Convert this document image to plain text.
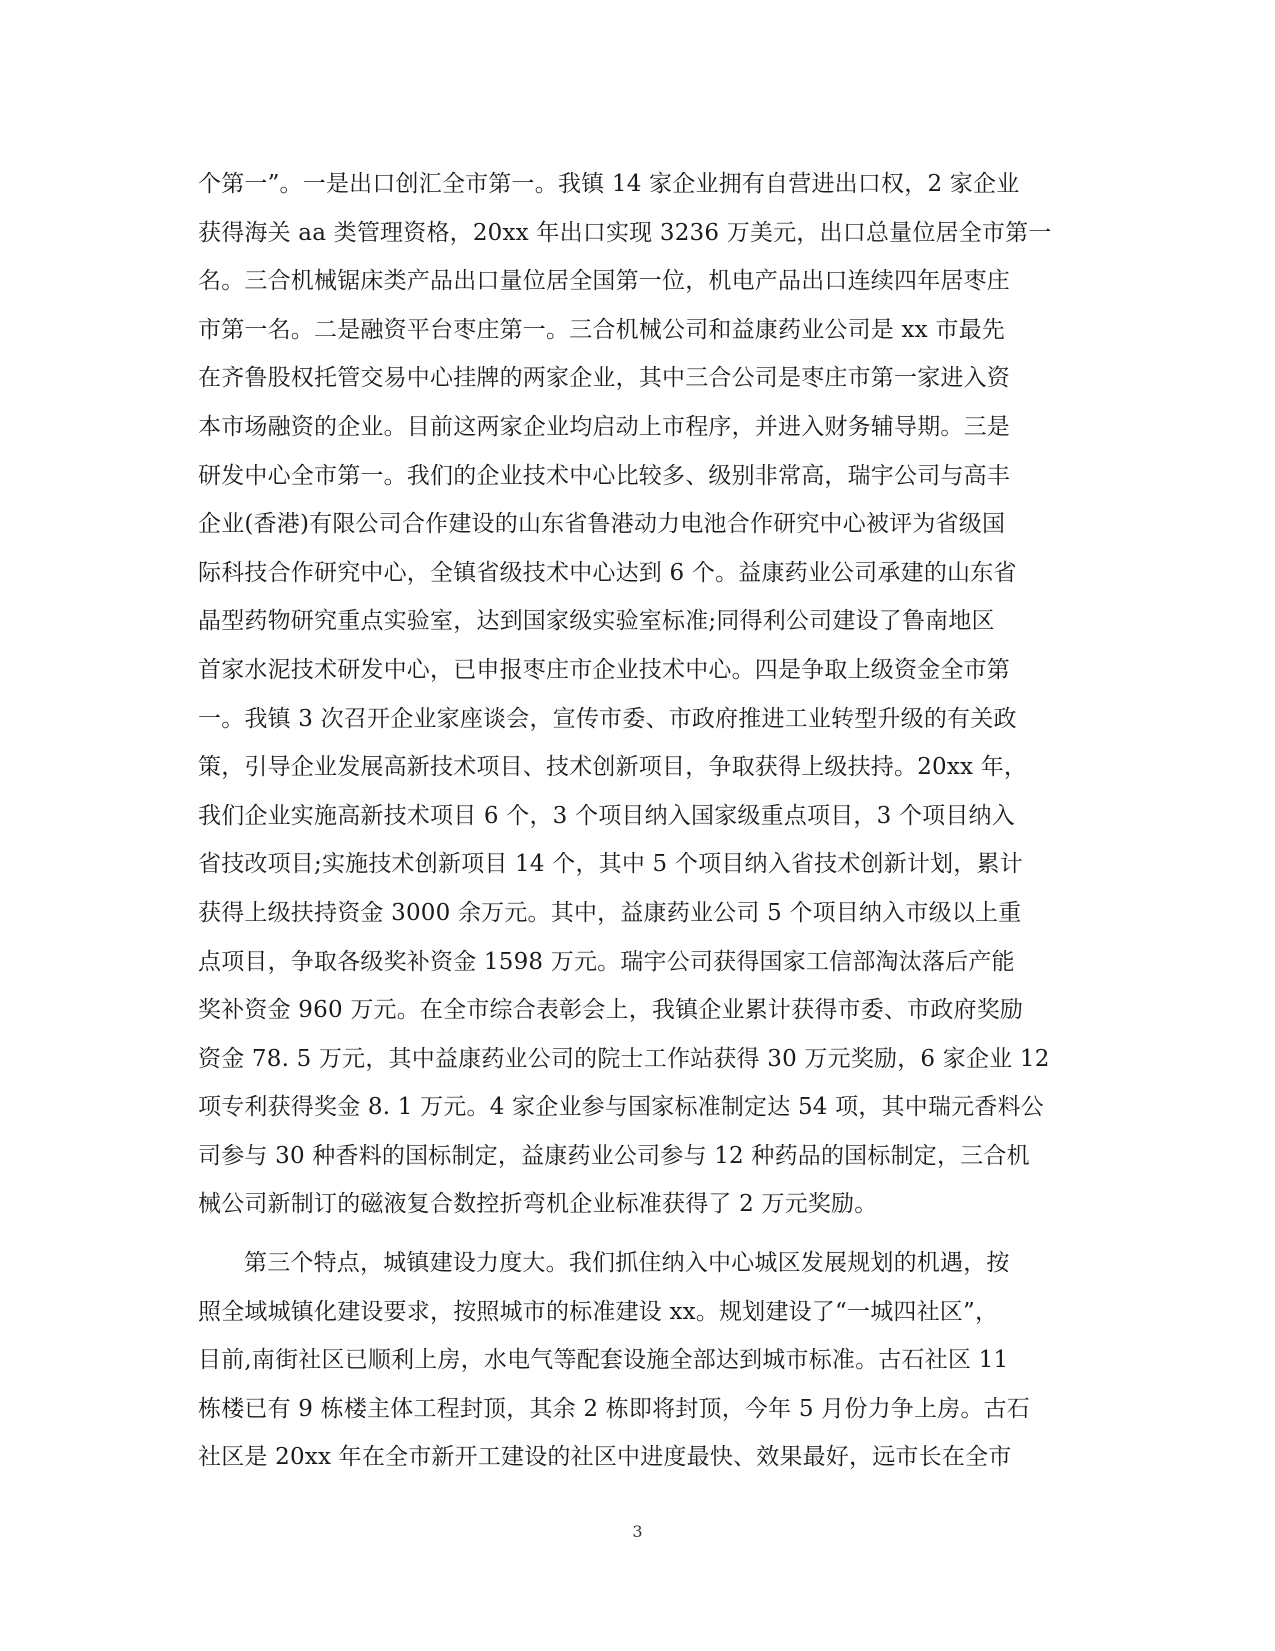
个第一”。一是出口创汇全市第一。我镇 14 家企业拥有自营进出口权，2 家企业
获得海关 aa 类管理资格，20xx 年出口实现 3236 万美元，出口总量位居全市第一
名。三合机械锯床类产品出口量位居全国第一位，机电产品出口连续四年居枣庄
市第一名。二是融资平台枣庄第一。三合机械公司和益康药业公司是 xx 市最先
在齐鲁股权托管交易中心挂牌的两家企业，其中三合公司是枣庄市第一家进入资
本市场融资的企业。目前这两家企业均启动上市程序，并进入财务辅导期。三是
研发中心全市第一。我们的企业技术中心比较多、级别非常高，瑞宇公司与高丰
企业(香港)有限公司合作建设的山东省鲁港动力电池合作研究中心被评为省级国
际科技合作研究中心，全镇省级技术中心达到 6 个。益康药业公司承建的山东省
晶型药物研究重点实验室，达到国家级实验室标准;同得利公司建设了鲁南地区
首家水泥技术研发中心，已申报枣庄市企业技术中心。四是争取上级资金全市第
一。我镇 3 次召开企业家座谈会，宣传市委、市政府推进工业转型升级的有关政
策，引导企业发展高新技术项目、技术创新项目，争取获得上级扶持。20xx 年，
我们企业实施高新技术项目 6 个，3 个项目纳入国家级重点项目，3 个项目纳入
省技改项目;实施技术创新项目 14 个，其中 5 个项目纳入省技术创新计划，累计
获得上级扶持资金 3000 余万元。其中，益康药业公司 5 个项目纳入市级以上重
点项目，争取各级奖补资金 1598 万元。瑞宇公司获得国家工信部淘汰落后产能
奖补资金 960 万元。在全市综合表彰会上，我镇企业累计获得市委、市政府奖励
资金 78. 5 万元，其中益康药业公司的院士工作站获得 30 万元奖励，6 家企业 12
项专利获得奖金 8. 1 万元。4 家企业参与国家标准制定达 54 项，其中瑞元香料公
司参与 30 种香料的国标制定，益康药业公司参与 12 种药品的国标制定，三合机
械公司新制订的磁液复合数控折弯机企业标准获得了 2 万元奖励。
第三个特点，城镇建设力度大。我们抓住纳入中心城区发展规划的机遇，按
照全域城镇化建设要求，按照城市的标准建设 xx。规划建设了“一城四社区”，
目前,南街社区已顺利上房，水电气等配套设施全部达到城市标准。古石社区 11
栋楼已有 9 栋楼主体工程封顶，其余 2 栋即将封顶，今年 5 月份力争上房。古石
社区是 20xx 年在全市新开工建设的社区中进度最快、效果最好，远市长在全市
3
